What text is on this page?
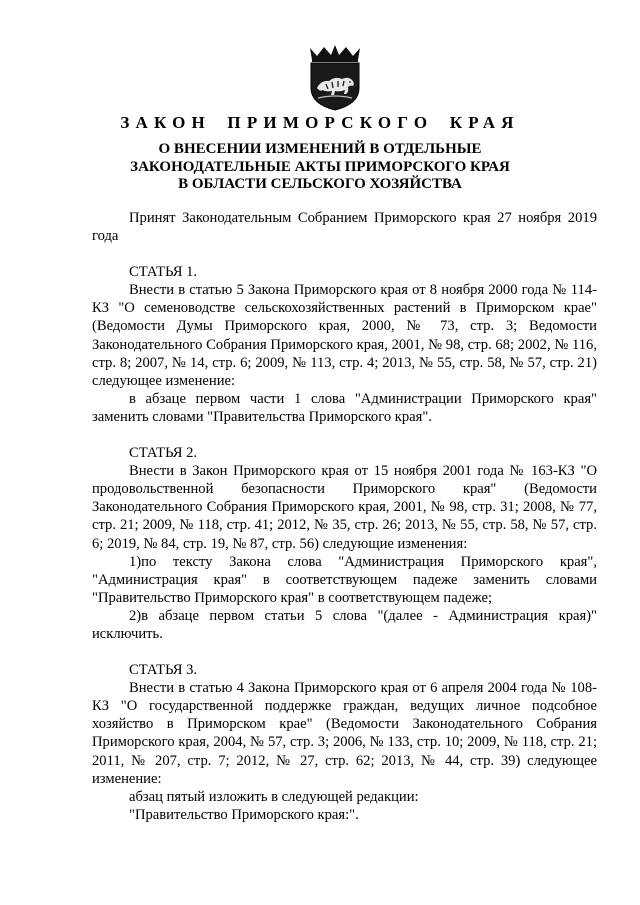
ЗАКОН ПРИМОРСКОГО КРАЯ
О ВНЕСЕНИИ ИЗМЕНЕНИЙ В ОТДЕЛЬНЫЕ
ЗАКОНОДАТЕЛЬНЫЕ АКТЫ ПРИМОРСКОГО КРАЯ
В ОБЛАСТИ СЕЛЬСКОГО ХОЗЯЙСТВА

Принят Законодательным Собранием Приморского края 27 ноября 2019 года

СТАТЬЯ 1.

Внести в статью 5 Закона Приморского края от 8 ноября 2000 года № 114-КЗ "О семеноводстве сельскохозяйственных растений в Приморском крае" (Ведомости Думы Приморского края, 2000, № 73, стр. 3; Ведомости Законодательного Собрания Приморского края, 2001, № 98, стр. 68; 2002, № 116, стр. 8; 2007, № 14, стр. 6; 2009, № 113, стр. 4; 2013, № 55, стр. 58, № 57, стр. 21) следующее изменение:

в абзаце первом части 1 слова "Администрации Приморского края" заменить словами "Правительства Приморского края".

СТАТЬЯ 2.

Внести в Закон Приморского края от 15 ноября 2001 года № 163-КЗ "О продовольственной безопасности Приморского края" (Ведомости Законодательного Собрания Приморского края, 2001, № 98, стр. 31; 2008, № 77, стр. 21; 2009, № 118, стр. 41; 2012, № 35, стр. 26; 2013, № 55, стр. 58, № 57, стр. 6; 2019, № 84, стр. 19, № 87, стр. 56) следующие изменения:

1)по тексту Закона слова "Администрация Приморского края", "Администрация края" в соответствующем падеже заменить словами "Правительство Приморского края" в соответствующем падеже;

2)в абзаце первом статьи 5 слова "(далее - Администрация края)" исключить.

СТАТЬЯ 3.

Внести в статью 4 Закона Приморского края от 6 апреля 2004 года № 108-КЗ "О государственной поддержке граждан, ведущих личное подсобное хозяйство в Приморском крае" (Ведомости Законодательного Собрания Приморского края, 2004, № 57, стр. 3; 2006, № 133, стр. 10; 2009, № 118, стр. 21; 2011, № 207, стр. 7; 2012, № 27, стр. 62; 2013, № 44, стр. 39) следующее изменение:

абзац пятый изложить в следующей редакции:

"Правительство Приморского края:".
